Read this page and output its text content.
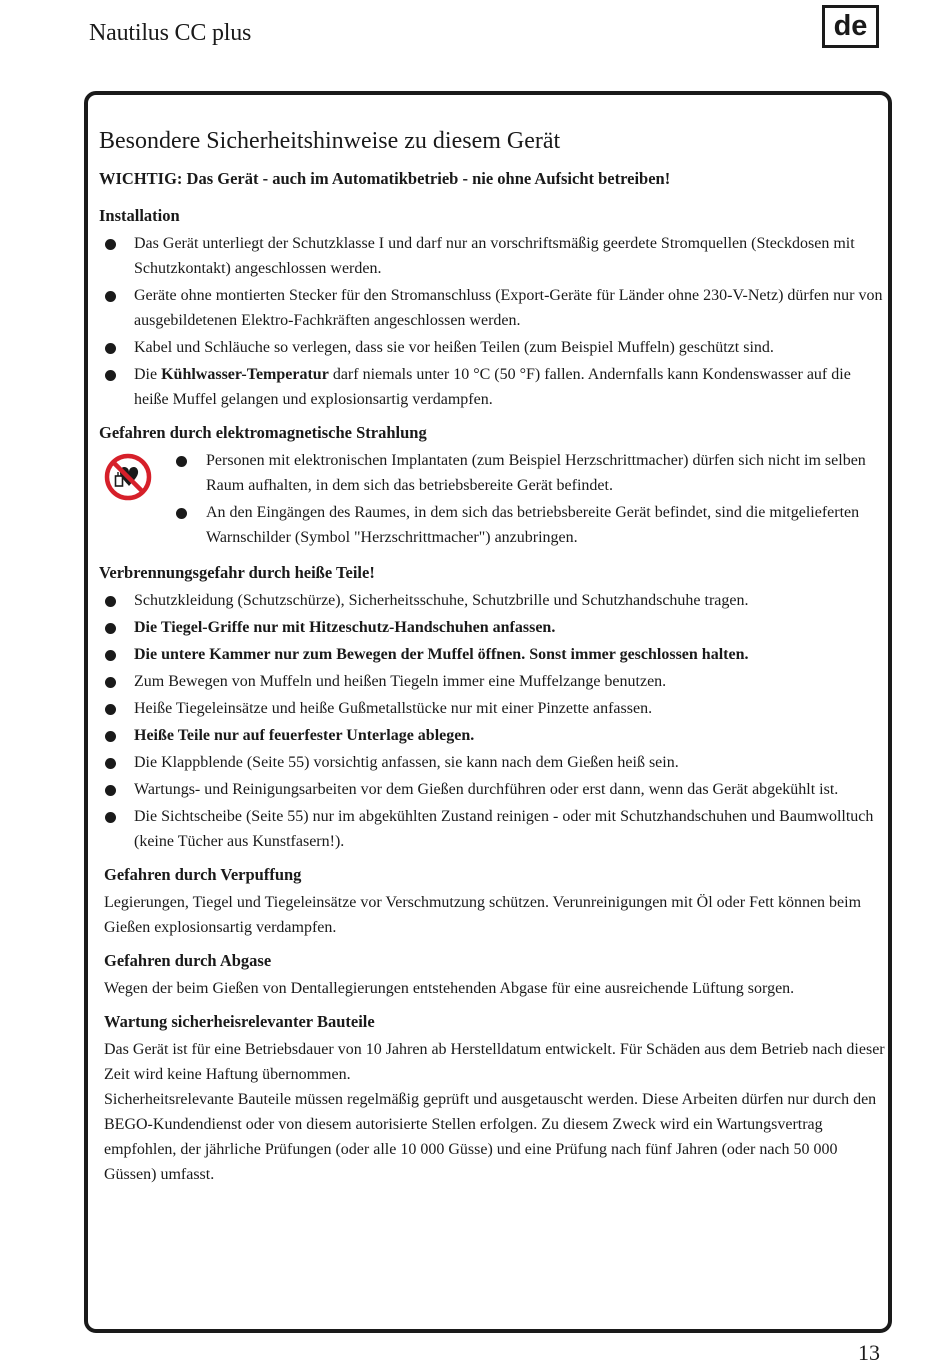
Nautilus CC plus	de
Besondere Sicherheitshinweise zu diesem Gerät

WICHTIG: Das Gerät - auch im Automatikbetrieb - nie ohne Aufsicht betreiben!

Installation
Das Gerät unterliegt der Schutzklasse I und darf nur an vorschriftsmäßig geerdete Stromquellen (Steckdosen mit Schutzkontakt) angeschlossen werden.
Geräte ohne montierten Stecker für den Stromanschluss (Export-Geräte für Länder ohne 230-V-Netz) dürfen nur von ausgebildetenen Elektro-Fachkräften angeschlossen werden.
Kabel und Schläuche so verlegen, dass sie vor heißen Teilen (zum Beispiel Muffeln) geschützt sind.
Die Kühlwasser-Temperatur darf niemals unter 10 °C (50 °F) fallen. Andernfalls kann Kondenswasser auf die heiße Muffel gelangen und explosionsartig verdampfen.
Gefahren durch elektromagnetische Strahlung
Personen mit elektronischen Implantaten (zum Beispiel Herzschrittmacher) dürfen sich nicht im selben Raum aufhalten, in dem sich das betriebsbereite Gerät befindet.
An den Eingängen des Raumes, in dem sich das betriebsbereite Gerät befindet, sind die mitgelieferten Warnschilder (Symbol "Herzschrittmacher") anzubringen.
Verbrennungsgefahr durch heiße Teile!
Schutzkleidung (Schutzschürze), Sicherheitsschuhe, Schutzbrille und Schutzhandschuhe tragen.
Die Tiegel-Griffe nur mit Hitzeschutz-Handschuhen anfassen.
Die untere Kammer nur zum Bewegen der Muffel öffnen. Sonst immer geschlossen halten.
Zum Bewegen von Muffeln und heißen Tiegeln immer eine Muffelzange benutzen.
Heiße Tiegeleinsätze und heiße Gußmetallstücke nur mit einer Pinzette anfassen.
Heiße Teile nur auf feuerfester Unterlage ablegen.
Die Klappblende (Seite 55) vorsichtig anfassen, sie kann nach dem Gießen heiß sein.
Wartungs- und Reinigungsarbeiten vor dem Gießen durchführen oder erst dann, wenn das Gerät abgekühlt ist.
Die Sichtscheibe (Seite 55) nur im abgekühlten Zustand reinigen - oder mit Schutzhandschuhen und Baumwolltuch (keine Tücher aus Kunstfasern!).
Gefahren durch Verpuffung

Legierungen, Tiegel und Tiegeleinsätze vor Verschmutzung schützen. Verunreinigungen mit Öl oder Fett können beim Gießen explosionsartig verdampfen.

Gefahren durch Abgase

Wegen der beim Gießen von Dentallegierungen entstehenden Abgase für eine ausreichende Lüftung sorgen.

Wartung sicherheisrelevanter Bauteile

Das Gerät ist für eine Betriebsdauer von 10 Jahren ab Herstelldatum entwickelt. Für Schäden aus dem Betrieb nach dieser Zeit wird keine Haftung übernommen.

Sicherheitsrelevante Bauteile müssen regelmäßig geprüft und ausgetauscht werden. Diese Arbeiten dürfen nur durch den BEGO-Kundendienst oder von diesem autorisierte Stellen erfolgen. Zu diesem Zweck wird ein Wartungsvertrag empfohlen, der jährliche Prüfungen (oder alle 10 000 Güsse) und eine Prüfung nach fünf Jahren (oder nach 50 000 Güssen) umfasst.

13
